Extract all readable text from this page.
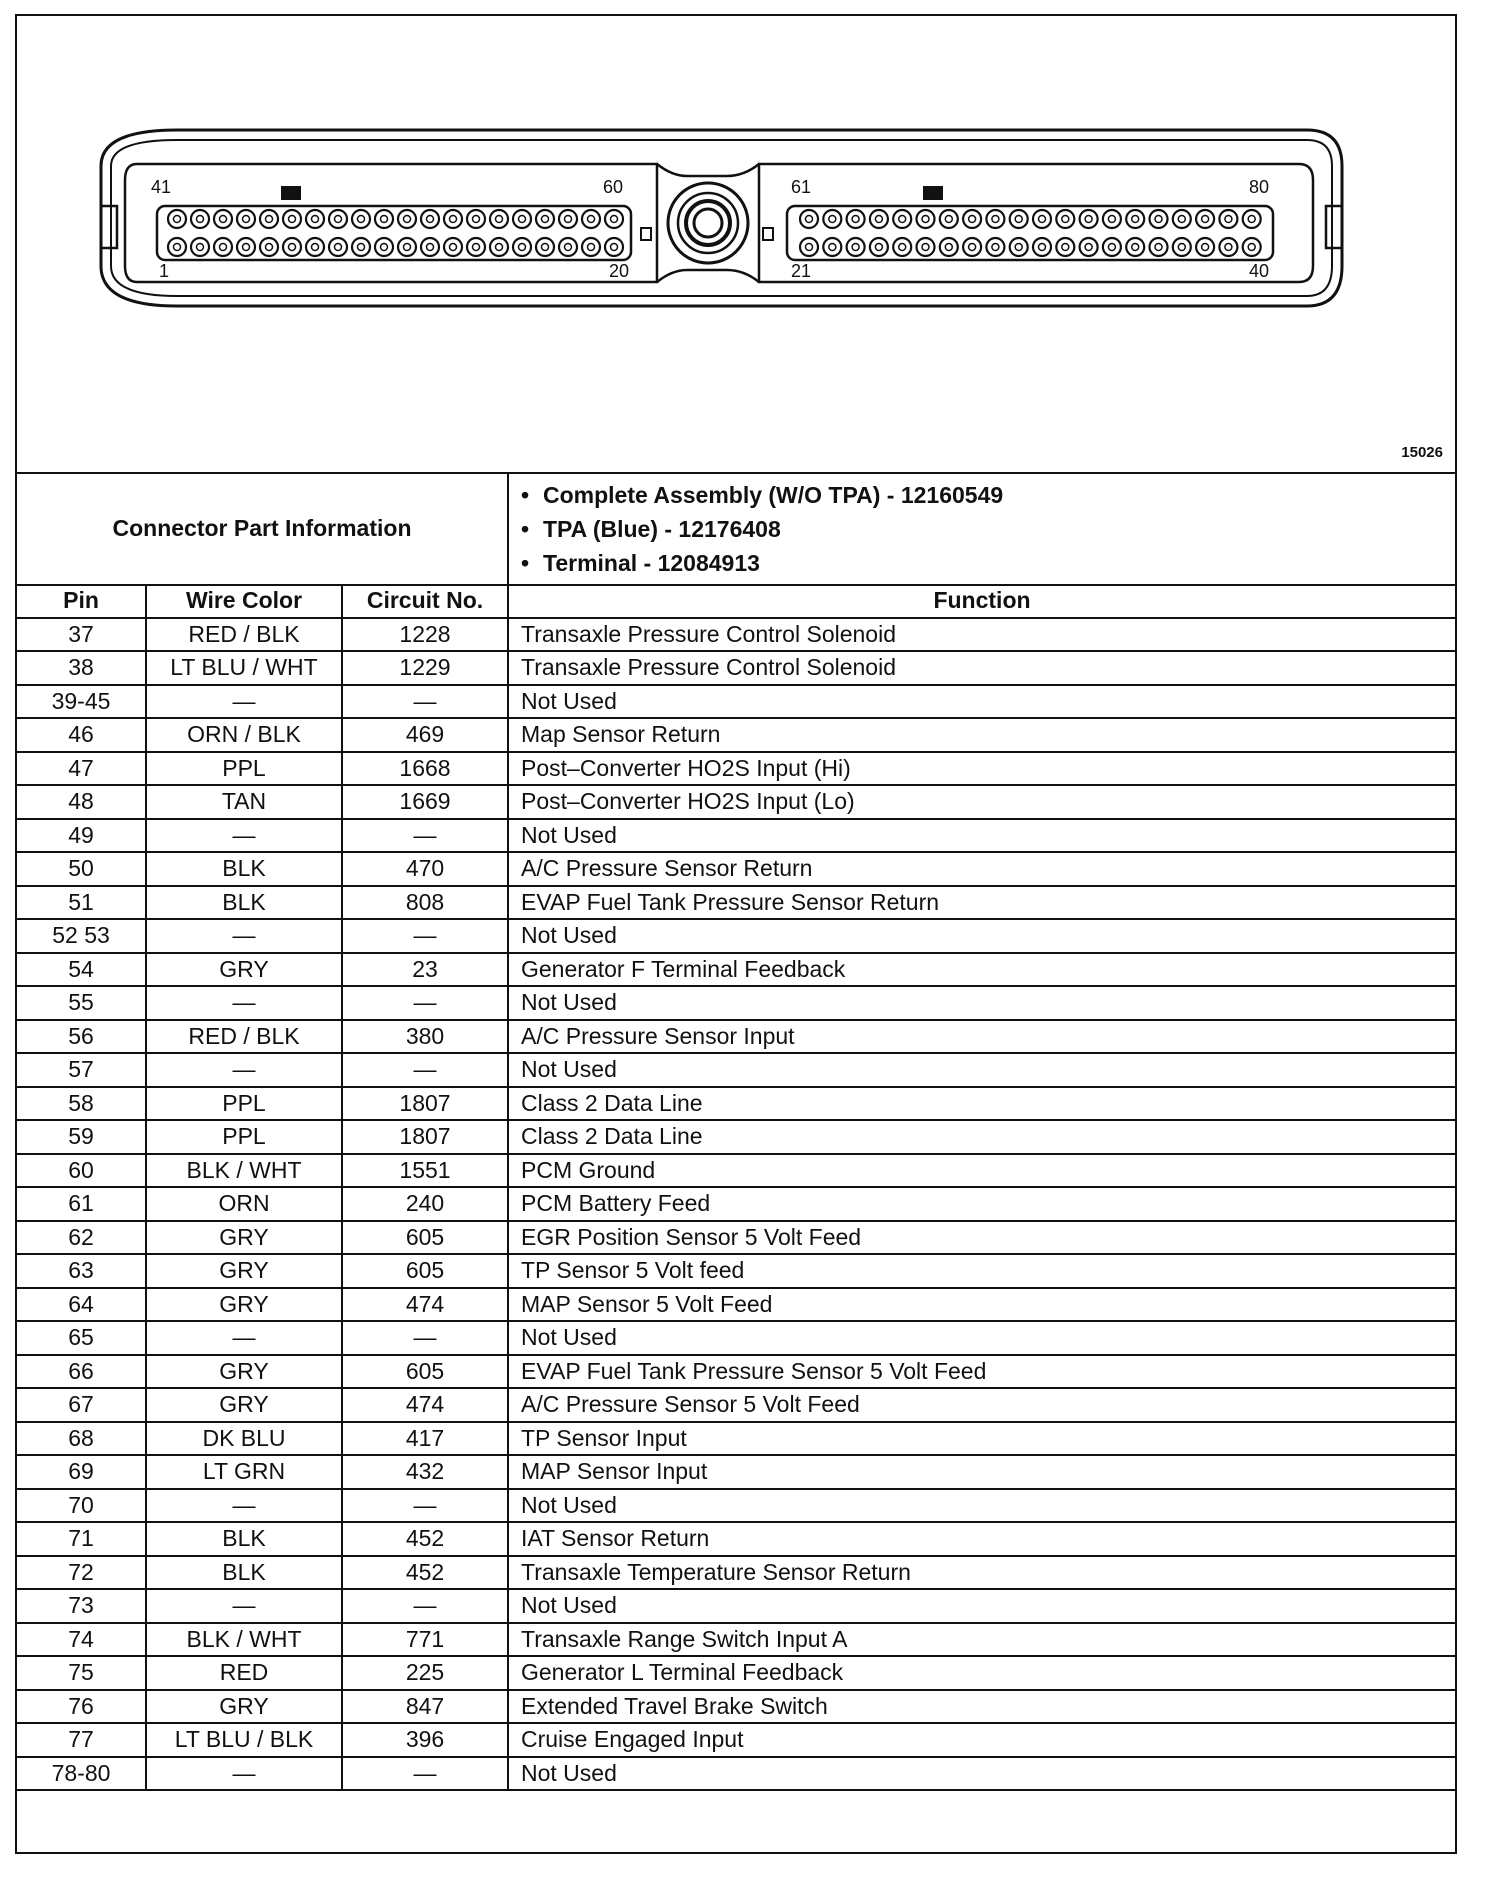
41	60
1	20
61	80
21	40
15026
Connector Part Information
• Complete Assembly (W/O TPA) - 12160549
• TPA (Blue) - 12176408
• Terminal - 12084913
Pin	Wire Color	Circuit No.	Function
37	RED / BLK	1228	Transaxle Pressure Control Solenoid
38	LT BLU / WHT	1229	Transaxle Pressure Control Solenoid
39-45	—	—	Not Used
46	ORN / BLK	469	Map Sensor Return
47	PPL	1668	Post–Converter HO2S Input (Hi)
48	TAN	1669	Post–Converter HO2S Input (Lo)
49	—	—	Not Used
50	BLK	470	A/C Pressure Sensor Return
51	BLK	808	EVAP Fuel Tank Pressure Sensor Return
52 53	—	—	Not Used
54	GRY	23	Generator F Terminal Feedback
55	—	—	Not Used
56	RED / BLK	380	A/C Pressure Sensor Input
57	—	—	Not Used
58	PPL	1807	Class 2 Data Line
59	PPL	1807	Class 2 Data Line
60	BLK / WHT	1551	PCM Ground
61	ORN	240	PCM Battery Feed
62	GRY	605	EGR Position Sensor 5 Volt Feed
63	GRY	605	TP Sensor 5 Volt feed
64	GRY	474	MAP Sensor 5 Volt Feed
65	—	—	Not Used
66	GRY	605	EVAP Fuel Tank Pressure Sensor 5 Volt Feed
67	GRY	474	A/C Pressure Sensor 5 Volt Feed
68	DK BLU	417	TP Sensor Input
69	LT GRN	432	MAP Sensor Input
70	—	—	Not Used
71	BLK	452	IAT Sensor Return
72	BLK	452	Transaxle Temperature Sensor Return
73	—	—	Not Used
74	BLK / WHT	771	Transaxle Range Switch Input A
75	RED	225	Generator L Terminal Feedback
76	GRY	847	Extended Travel Brake Switch
77	LT BLU / BLK	396	Cruise Engaged Input
78-80	—	—	Not Used
